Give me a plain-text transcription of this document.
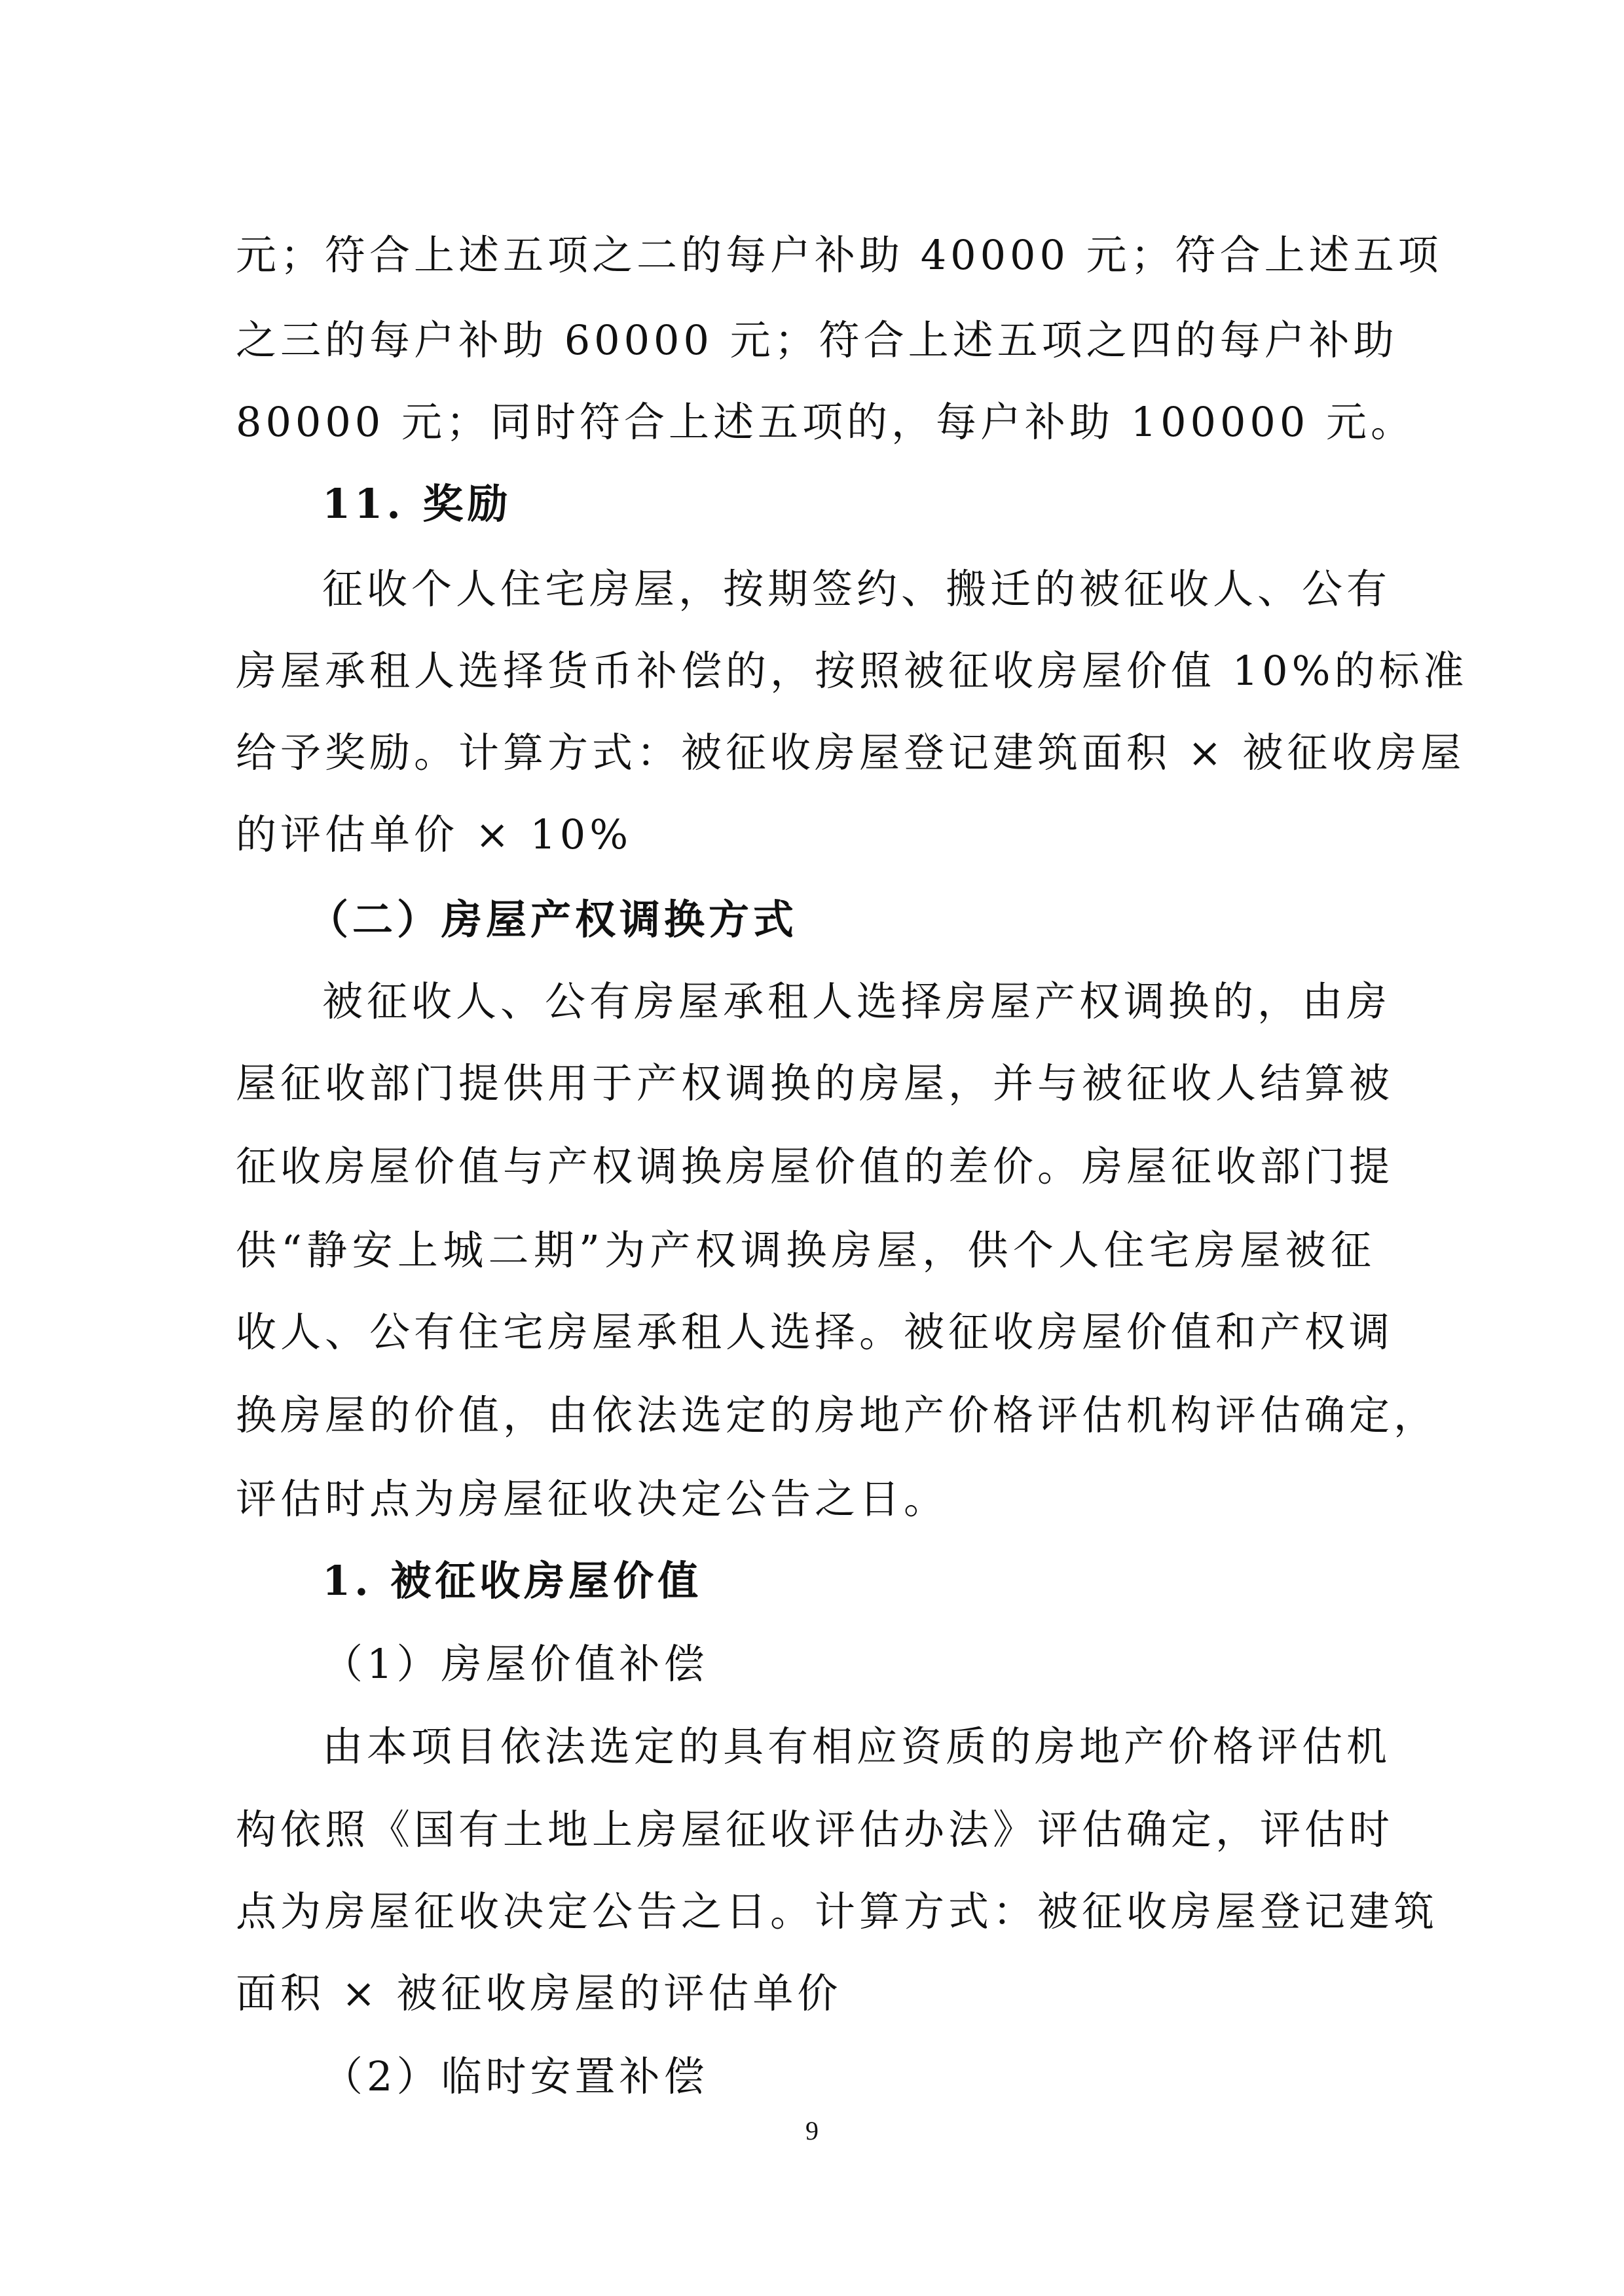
元；符合上述五项之二的每户补助 40000 元；符合上述五项
之三的每户补助 60000 元；符合上述五项之四的每户补助
80000 元；同时符合上述五项的，每户补助 100000 元。
11. 奖励
征收个人住宅房屋，按期签约、搬迁的被征收人、公有
房屋承租人选择货币补偿的，按照被征收房屋价值 10%的标准
给予奖励。计算方式：被征收房屋登记建筑面积 × 被征收房屋
的评估单价 × 10%
（二）房屋产权调换方式
被征收人、公有房屋承租人选择房屋产权调换的，由房
屋征收部门提供用于产权调换的房屋，并与被征收人结算被
征收房屋价值与产权调换房屋价值的差价。房屋征收部门提
供“静安上城二期”为产权调换房屋，供个人住宅房屋被征
收人、公有住宅房屋承租人选择。被征收房屋价值和产权调
换房屋的价值，由依法选定的房地产价格评估机构评估确定，
评估时点为房屋征收决定公告之日。
1. 被征收房屋价值
（1）房屋价值补偿
由本项目依法选定的具有相应资质的房地产价格评估机
构依照《国有土地上房屋征收评估办法》评估确定，评估时
点为房屋征收决定公告之日。计算方式：被征收房屋登记建筑
面积 × 被征收房屋的评估单价
（2）临时安置补偿
9
